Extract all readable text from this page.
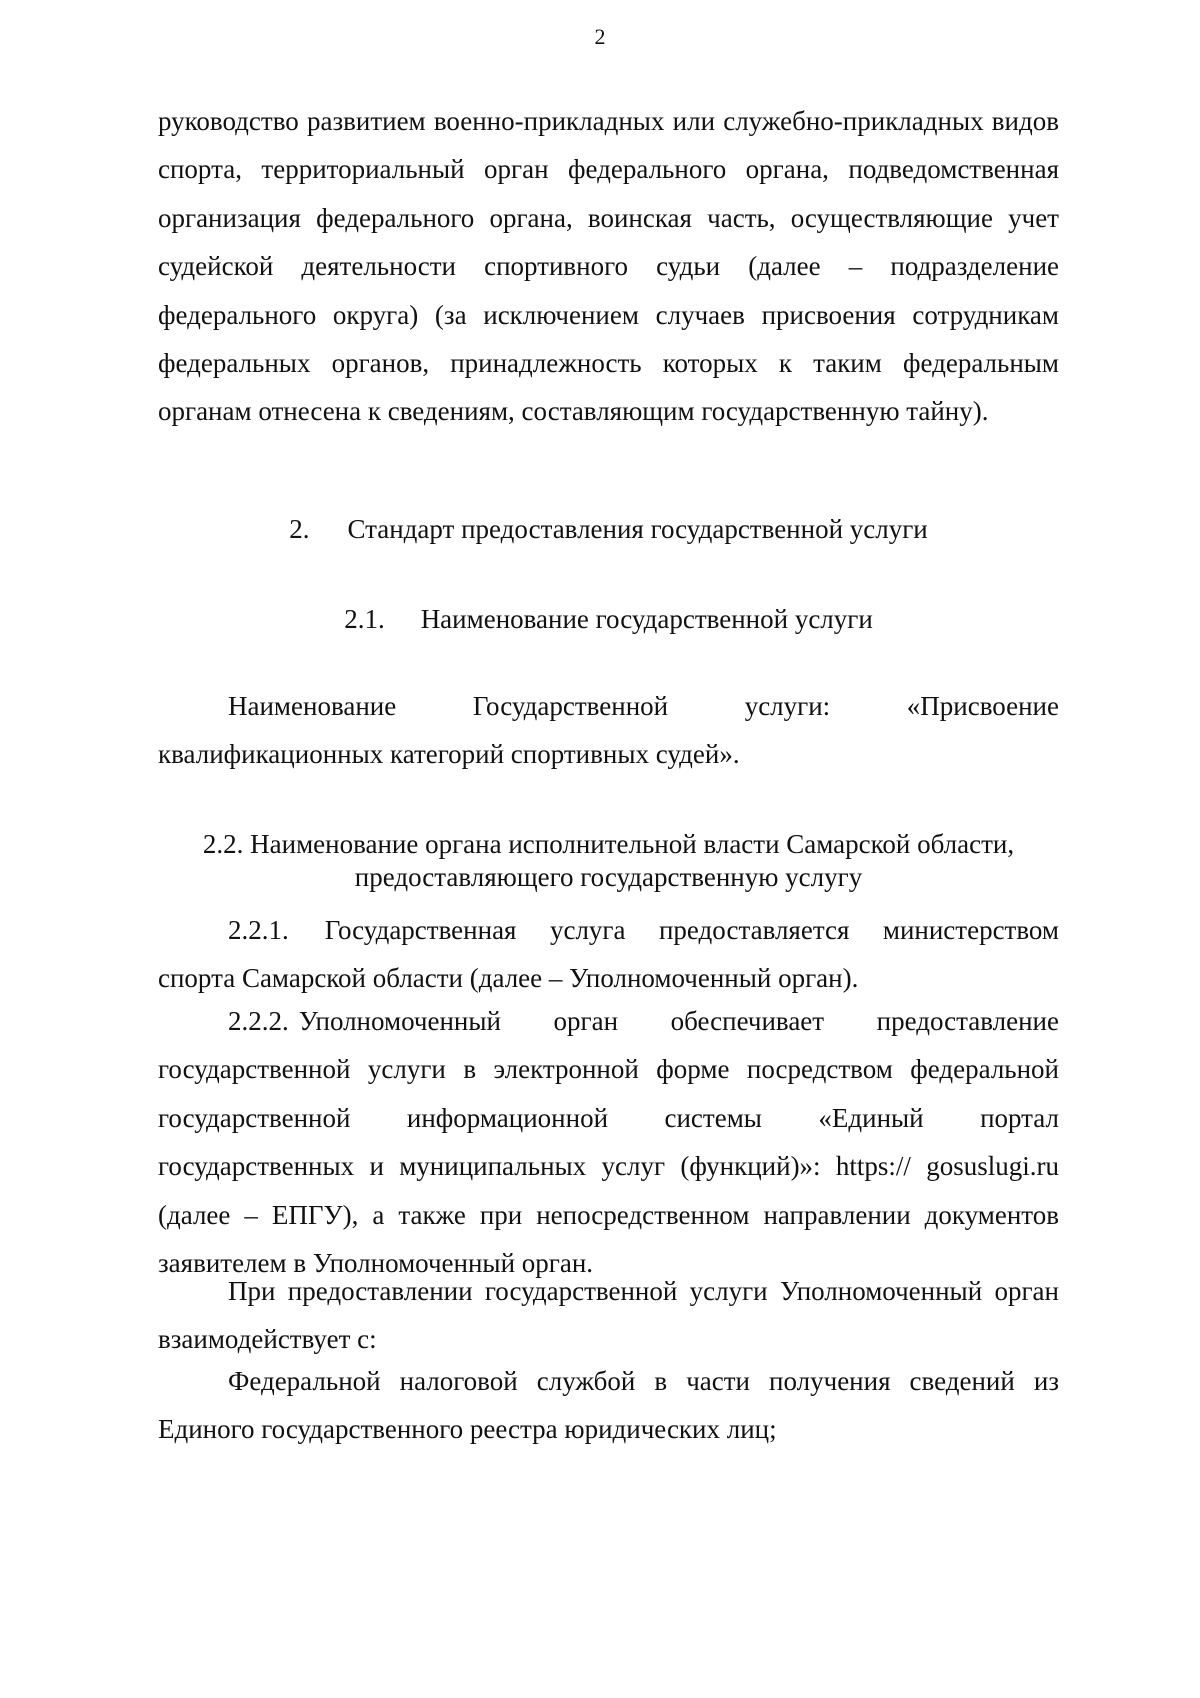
2

руководство развитием военно-прикладных или служебно-прикладных видов спорта, территориальный орган федерального органа, подведомственная организация федерального органа, воинская часть, осуществляющие учет судейской деятельности спортивного судьи (далее – подразделение федерального округа) (за исключением случаев присвоения сотрудникам федеральных органов, принадлежность которых к таким федеральным органам отнесена к сведениям, составляющим государственную тайну).

2. Стандарт предоставления государственной услуги
2.1. Наименование государственной услуги

Наименование Государственной услуги: «Присвоение

квалификационных категорий спортивных судей».

2.2. Наименование органа исполнительной власти Самарской области,

предоставляющего государственную услугу

2.2.1. Государственная услуга предоставляется министерством спорта Самарской области (далее – Уполномоченный орган).

2.2.2. Уполномоченный орган обеспечивает предоставление государственной услуги в электронной форме посредством федеральной государственной информационной системы «Единый портал государственных и муниципальных услуг (функций)»: https:// gosuslugi.ru (далее – ЕПГУ), а также при непосредственном направлении документов заявителем в Уполномоченный орган.

При предоставлении государственной услуги Уполномоченный орган взаимодействует с:

Федеральной налоговой службой в части получения сведений из Единого государственного реестра юридических лиц;
